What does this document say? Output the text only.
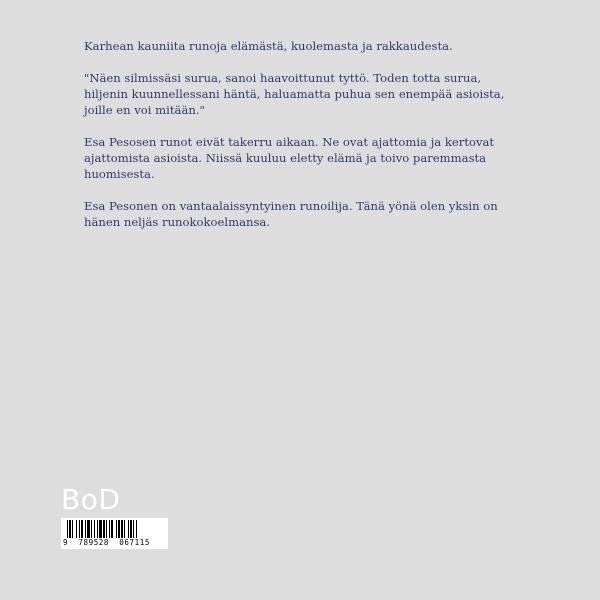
Karhean kauniita runoja elämästä, kuolemasta ja rakkaudesta.

"Näen silmissäsi surua, sanoi haavoittunut tyttö. Toden totta surua,
hiljenin kuunnellessani häntä, haluamatta puhua sen enempää asioista,
joille en voi mitään."

Esa Pesosen runot eivät takerru aikaan. Ne ovat ajattomia ja kertovat
ajattomista asioista. Niissä kuuluu eletty elämä ja toivo paremmasta
huomisesta.

Esa Pesonen on vantaalaissyntyinen runoilija. Tänä yönä olen yksin on
hänen neljäs runokokoelmansa.

BoD
9  789528  067115
